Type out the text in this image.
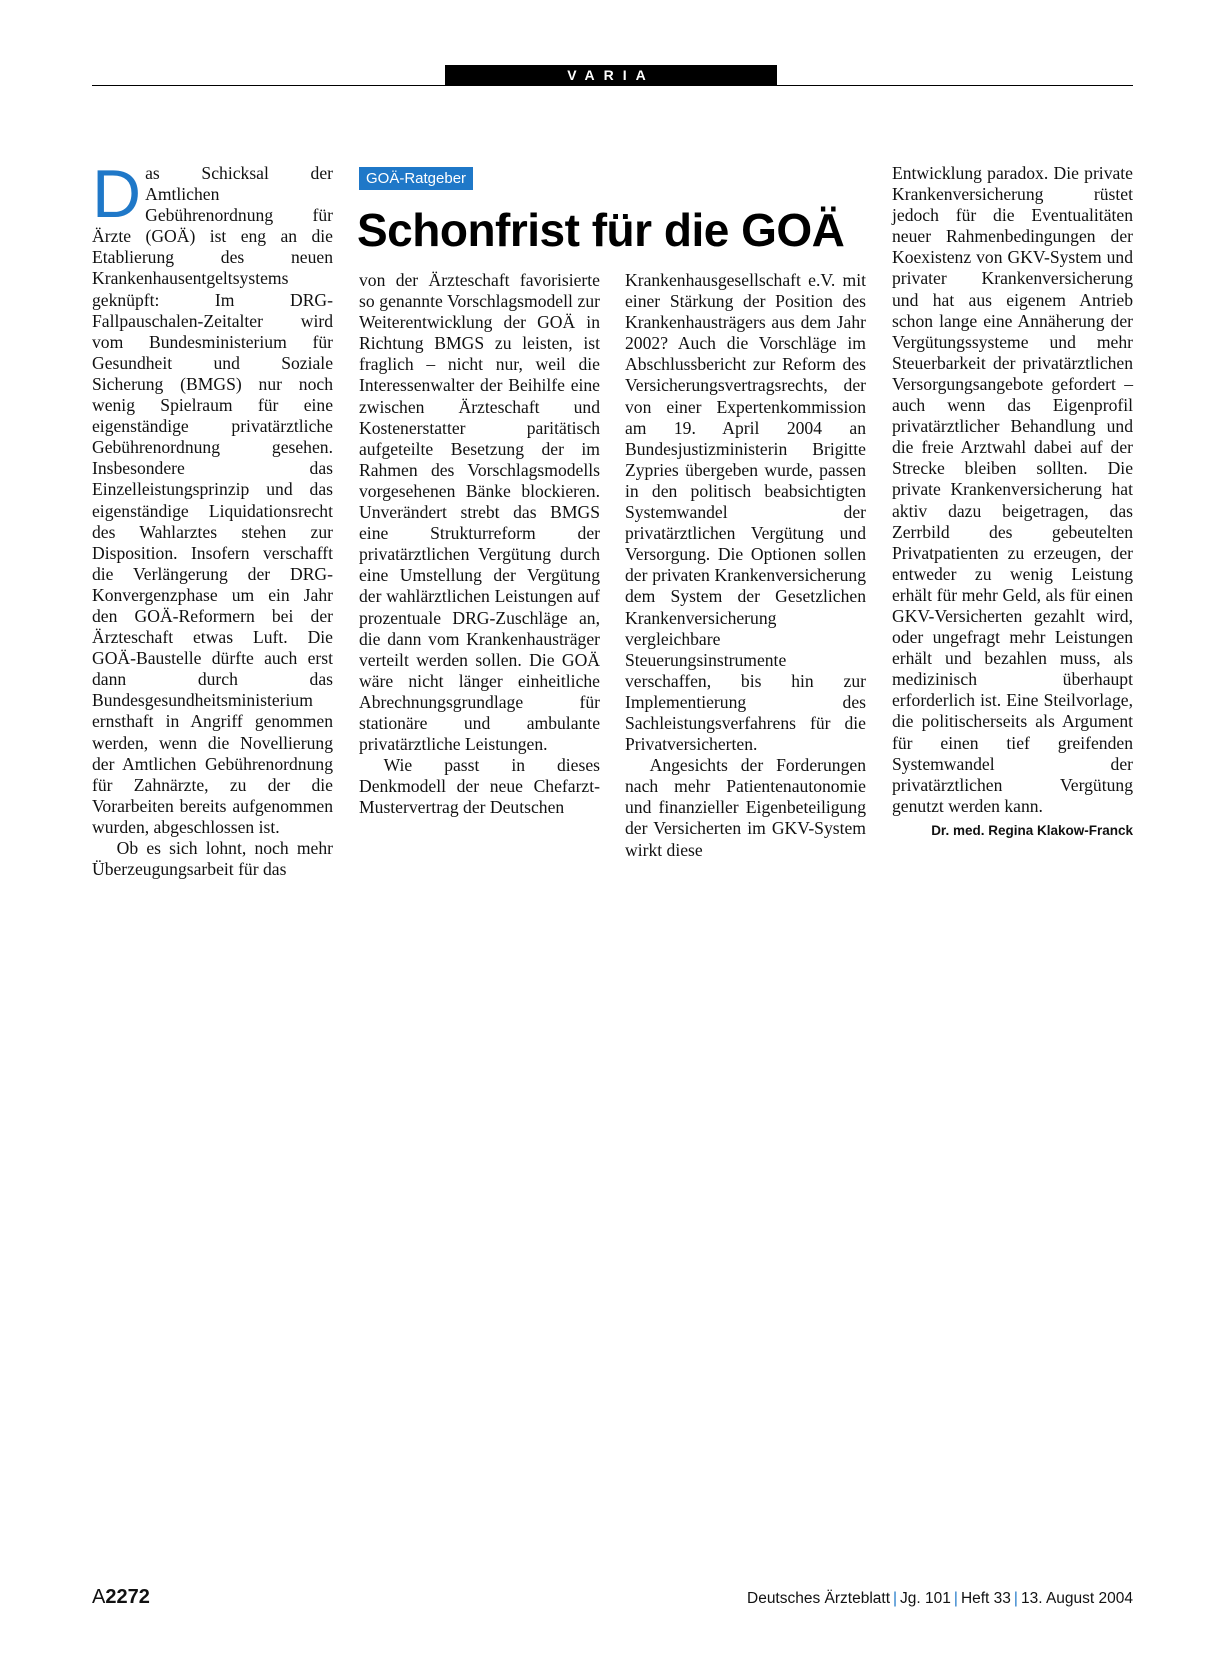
VARIA

Das Schicksal der Amtlichen Gebührenordnung für Ärzte (GOÄ) ist eng an die Etablierung des neuen Krankenhausentgeltsystems geknüpft: Im DRG-Fallpauschalen-Zeitalter wird vom Bundesministerium für Gesundheit und Soziale Sicherung (BMGS) nur noch wenig Spielraum für eine eigenständige privatärztliche Gebührenordnung gesehen. Insbesondere das Einzelleistungsprinzip und das eigenständige Liquidationsrecht des Wahlarztes stehen zur Disposition. Insofern verschafft die Verlängerung der DRG-Konvergenzphase um ein Jahr den GOÄ-Reformern bei der Ärzteschaft etwas Luft. Die GOÄ-Baustelle dürfte auch erst dann durch das Bundesgesundheitsministerium ernsthaft in Angriff genommen werden, wenn die Novellierung der Amtlichen Gebührenordnung für Zahnärzte, zu der die Vorarbeiten bereits aufgenommen wurden, abgeschlossen ist.

Ob es sich lohnt, noch mehr Überzeugungsarbeit für das

GOÄ-Ratgeber
Schonfrist für die GOÄ

von der Ärzteschaft favorisierte so genannte Vorschlagsmodell zur Weiterentwicklung der GOÄ in Richtung BMGS zu leisten, ist fraglich – nicht nur, weil die Interessenwalter der Beihilfe eine zwischen Ärzteschaft und Kostenerstatter paritätisch aufgeteilte Besetzung der im Rahmen des Vorschlagsmodells vorgesehenen Bänke blockieren. Unverändert strebt das BMGS eine Strukturreform der privatärztlichen Vergütung durch eine Umstellung der Vergütung der wahlärztlichen Leistungen auf prozentuale DRG-Zuschläge an, die dann vom Krankenhausträger verteilt werden sollen. Die GOÄ wäre nicht länger einheitliche Abrechnungsgrundlage für stationäre und ambulante privatärztliche Leistungen.

Wie passt in dieses Denkmodell der neue Chefarzt-Mustervertrag der Deutschen

Krankenhausgesellschaft e.V. mit einer Stärkung der Position des Krankenhausträgers aus dem Jahr 2002? Auch die Vorschläge im Abschlussbericht zur Reform des Versicherungsvertragsrechts, der von einer Expertenkommission am 19. April 2004 an Bundesjustizministerin Brigitte Zypries übergeben wurde, passen in den politisch beabsichtigten Systemwandel der privatärztlichen Vergütung und Versorgung. Die Optionen sollen der privaten Krankenversicherung dem System der Gesetzlichen Krankenversicherung vergleichbare Steuerungsinstrumente verschaffen, bis hin zur Implementierung des Sachleistungsverfahrens für die Privatversicherten.

Angesichts der Forderungen nach mehr Patientenautonomie und finanzieller Eigenbeteiligung der Versicherten im GKV-System wirkt diese

Entwicklung paradox. Die private Krankenversicherung rüstet jedoch für die Eventualitäten neuer Rahmenbedingungen der Koexistenz von GKV-System und privater Krankenversicherung und hat aus eigenem Antrieb schon lange eine Annäherung der Vergütungssysteme und mehr Steuerbarkeit der privatärztlichen Versorgungsangebote gefordert – auch wenn das Eigenprofil privatärztlicher Behandlung und die freie Arztwahl dabei auf der Strecke bleiben sollten. Die private Krankenversicherung hat aktiv dazu beigetragen, das Zerrbild des gebeutelten Privatpatienten zu erzeugen, der entweder zu wenig Leistung erhält für mehr Geld, als für einen GKV-Versicherten gezahlt wird, oder ungefragt mehr Leistungen erhält und bezahlen muss, als medizinisch überhaupt erforderlich ist. Eine Steilvorlage, die politischerseits als Argument für einen tief greifenden Systemwandel der privatärztlichen Vergütung genutzt werden kann.

Dr. med. Regina Klakow-Franck
A2272	Deutsches Ärzteblatt | Jg. 101 | Heft 33 | 13. August 2004
